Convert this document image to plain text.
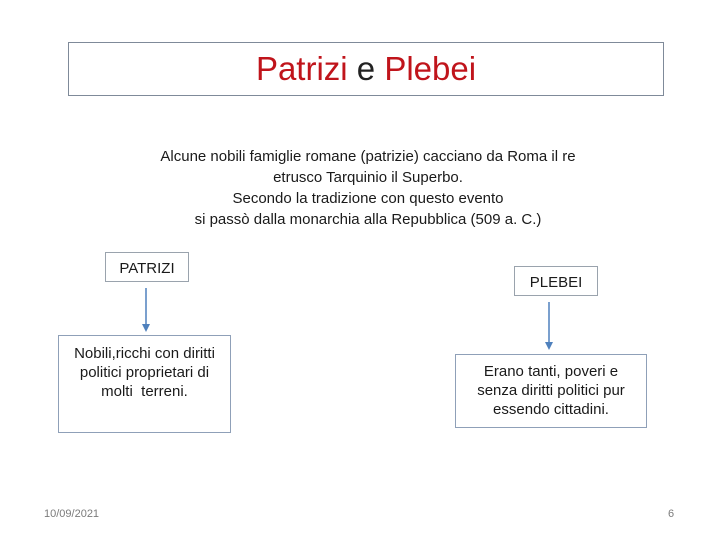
Patrizi e Plebei
Alcune nobili famiglie romane (patrizie) cacciano da Roma il re
etrusco Tarquinio il Superbo.
Secondo la tradizione con questo evento
si passò dalla monarchia alla Repubblica (509 a. C.)
PATRIZI
PLEBEI
Nobili,ricchi con diritti
politici proprietari di
molti  terreni.
Erano tanti, poveri e
senza diritti politici pur
essendo cittadini.
10/09/2021	6
